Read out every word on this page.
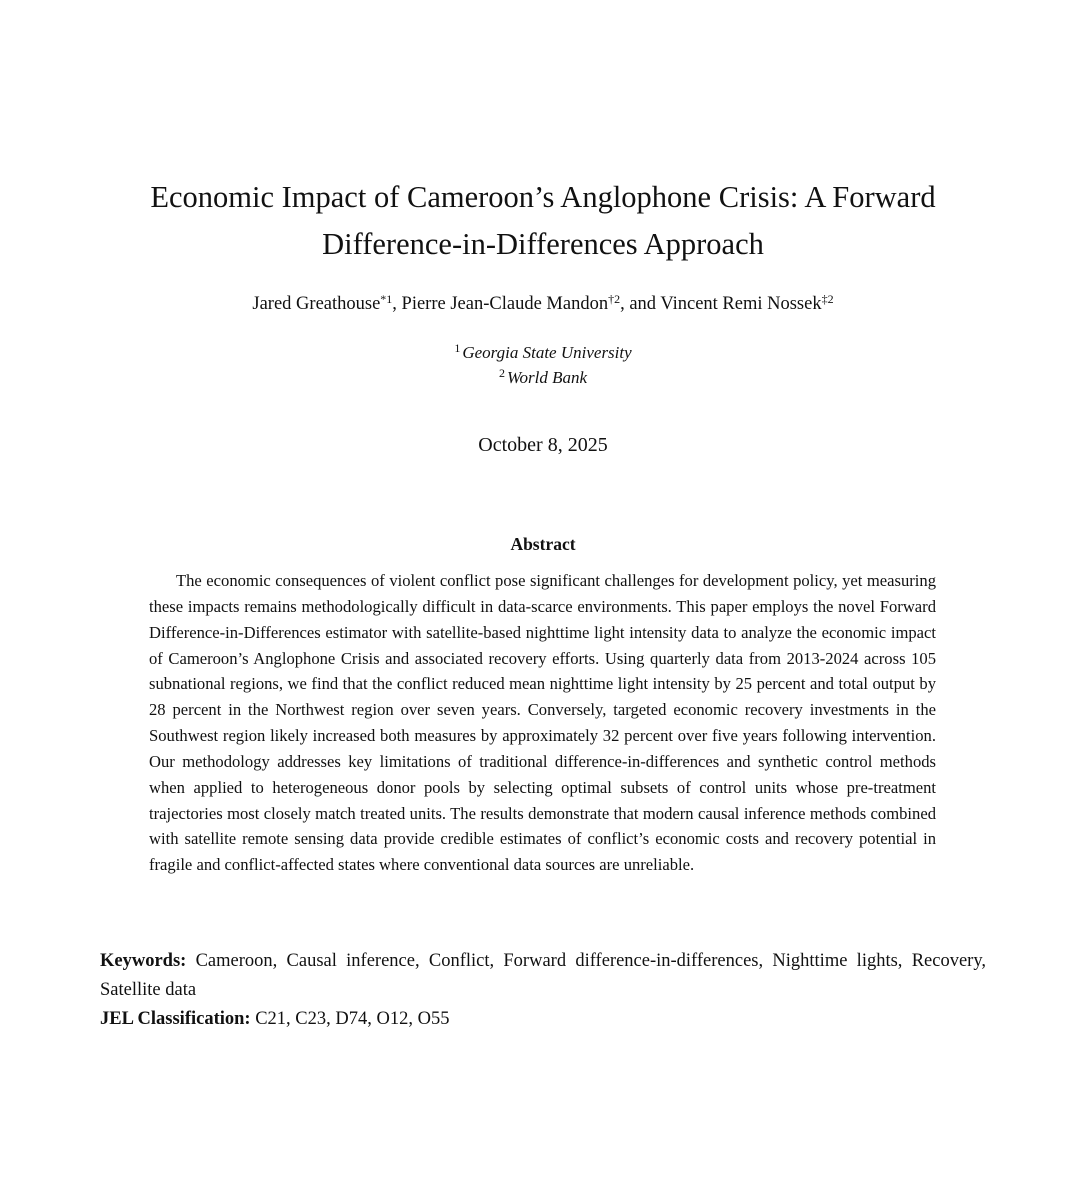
Economic Impact of Cameroon’s Anglophone Crisis: A Forward
Difference-in-Differences Approach
Jared Greathouse$^{*1}$, Pierre Jean-Claude Mandon$^{\dagger 2}$, and Vincent Remi Nossek$^{\ddagger 2}$
$^1$ Georgia State University
$^2$ World Bank
October 8, 2025
Abstract

The economic consequences of violent conflict pose significant challenges for development policy, yet measuring these impacts remains methodologically difficult in data-scarce environments. This paper employs the novel Forward Difference-in-Differences estimator with satellite-based nighttime light intensity data to analyze the economic impact of Cameroon’s Anglophone Crisis and associated recovery efforts. Using quarterly data from 2013-2024 across 105 subnational regions, we find that the conflict reduced mean nighttime light intensity by 25 percent and total output by 28 percent in the Northwest region over seven years. Conversely, targeted economic recovery investments in the Southwest region likely increased both measures by approximately 32 percent over five years following intervention. Our methodology addresses key limitations of traditional difference-in-differences and synthetic control methods when applied to heterogeneous donor pools by selecting optimal subsets of control units whose pre-treatment trajectories most closely match treated units. The results demonstrate that modern causal inference methods combined with satellite remote sensing data provide credible estimates of conflict’s economic costs and recovery potential in fragile and conflict-affected states where conventional data sources are unreliable.

Keywords: Cameroon, Causal inference, Conflict, Forward difference-in-differences, Nighttime lights, Recovery, Satellite data

JEL Classification: C21, C23, D74, O12, O55
